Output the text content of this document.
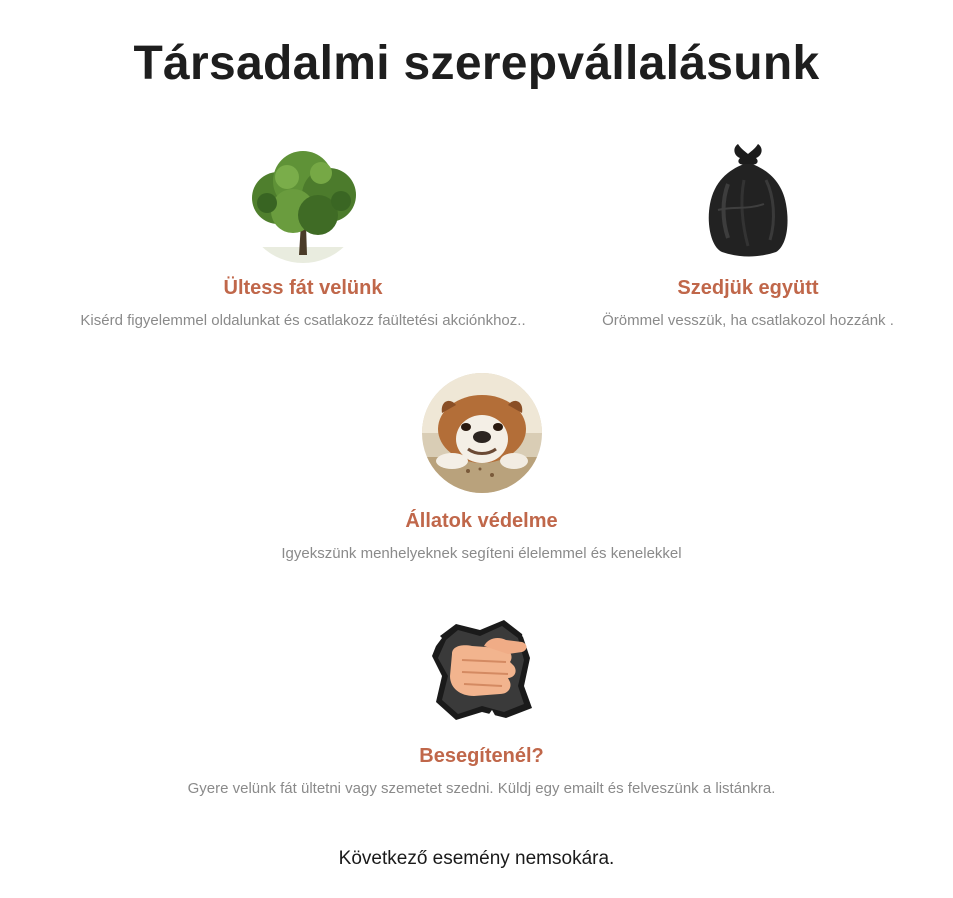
Társadalmi szerepvállalásunk
Ültess fát velünk

Kisérd figyelemmel oldalunkat és csatlakozz faültetési akciónkhoz..

Szedjük együtt

Örömmel vesszük, ha csatlakozol hozzánk .

Állatok védelme

Igyekszünk menhelyeknek segíteni élelemmel és kenelekkel

Besegítenél?

Gyere velünk fát ültetni vagy szemetet szedni. Küldj egy emailt és felveszünk a listánkra.

Következő esemény nemsokára.
